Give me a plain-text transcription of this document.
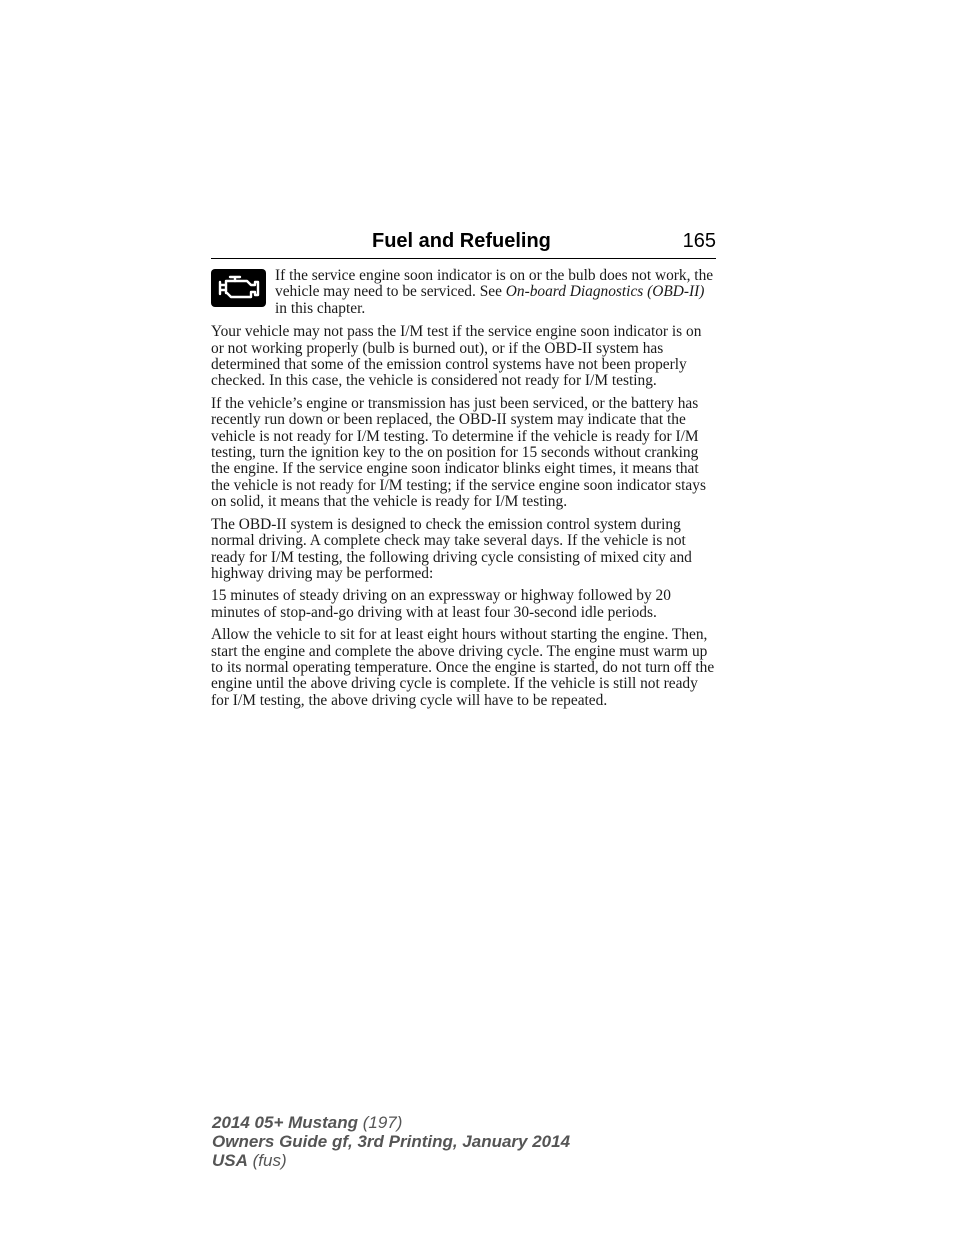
Fuel and Refueling	165
If the service engine soon indicator is on or the bulb does not work, the vehicle may need to be serviced. See On-board Diagnostics (OBD-II) in this chapter.

Your vehicle may not pass the I/M test if the service engine soon indicator is on or not working properly (bulb is burned out), or if the OBD-II system has determined that some of the emission control systems have not been properly checked. In this case, the vehicle is considered not ready for I/M testing.

If the vehicle’s engine or transmission has just been serviced, or the battery has recently run down or been replaced, the OBD-II system may indicate that the vehicle is not ready for I/M testing. To determine if the vehicle is ready for I/M testing, turn the ignition key to the on position for 15 seconds without cranking the engine. If the service engine soon indicator blinks eight times, it means that the vehicle is not ready for I/M testing; if the service engine soon indicator stays on solid, it means that the vehicle is ready for I/M testing.

The OBD-II system is designed to check the emission control system during normal driving. A complete check may take several days. If the vehicle is not ready for I/M testing, the following driving cycle consisting of mixed city and highway driving may be performed:

15 minutes of steady driving on an expressway or highway followed by 20 minutes of stop-and-go driving with at least four 30-second idle periods.

Allow the vehicle to sit for at least eight hours without starting the engine. Then, start the engine and complete the above driving cycle. The engine must warm up to its normal operating temperature. Once the engine is started, do not turn off the engine until the above driving cycle is complete. If the vehicle is still not ready for I/M testing, the above driving cycle will have to be repeated.

2014 05+ Mustang (197)
Owners Guide gf, 3rd Printing, January 2014
USA (fus)
